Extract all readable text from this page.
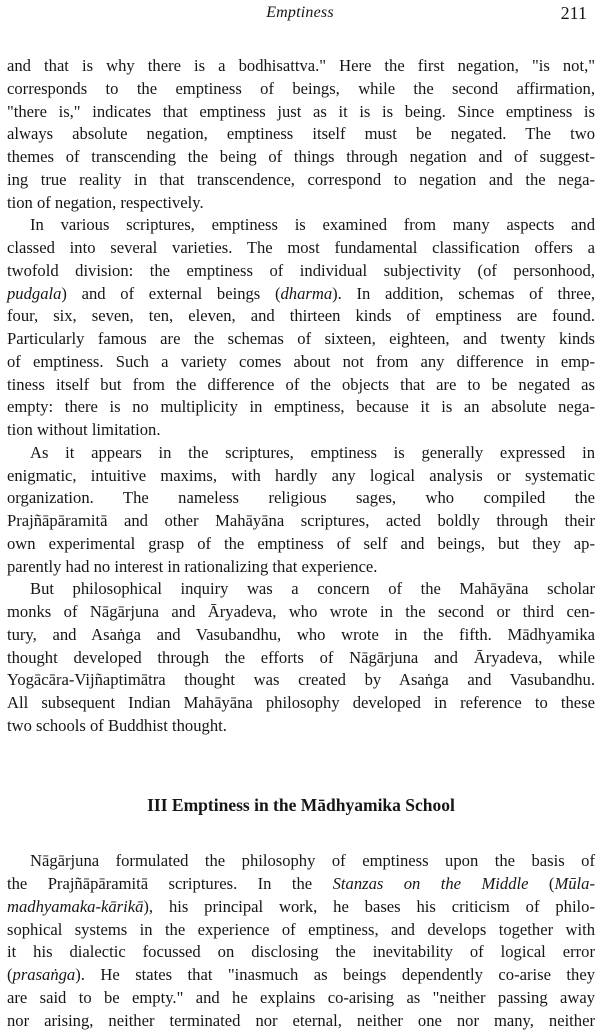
Emptiness	211
and that is why there is a bodhisattva." Here the first negation, "is not,"
corresponds to the emptiness of beings, while the second affirmation,
"there is," indicates that emptiness just as it is is being. Since emptiness is
always absolute negation, emptiness itself must be negated. The two
themes of transcending the being of things through negation and of suggest-
ing true reality in that transcendence, correspond to negation and the nega-
tion of negation, respectively.
In various scriptures, emptiness is examined from many aspects and
classed into several varieties. The most fundamental classification offers a
twofold division: the emptiness of individual subjectivity (of personhood,
pudgala) and of external beings (dharma). In addition, schemas of three,
four, six, seven, ten, eleven, and thirteen kinds of emptiness are found.
Particularly famous are the schemas of sixteen, eighteen, and twenty kinds
of emptiness. Such a variety comes about not from any difference in emp-
tiness itself but from the difference of the objects that are to be negated as
empty: there is no multiplicity in emptiness, because it is an absolute nega-
tion without limitation.
As it appears in the scriptures, emptiness is generally expressed in
enigmatic, intuitive maxims, with hardly any logical analysis or systematic
organization. The nameless religious sages, who compiled the
Prajñāpāramitā and other Mahāyāna scriptures, acted boldly through their
own experimental grasp of the emptiness of self and beings, but they ap-
parently had no interest in rationalizing that experience.
But philosophical inquiry was a concern of the Mahāyāna scholar
monks of Nāgārjuna and Āryadeva, who wrote in the second or third cen-
tury, and Asaṅga and Vasubandhu, who wrote in the fifth. Mādhyamika
thought developed through the efforts of Nāgārjuna and Āryadeva, while
Yogācāra-Vijñaptimātra thought was created by Asaṅga and Vasubandhu.
All subsequent Indian Mahāyāna philosophy developed in reference to these
two schools of Buddhist thought.
III Emptiness in the Mādhyamika School
Nāgārjuna formulated the philosophy of emptiness upon the basis of
the Prajñāpāramitā scriptures. In the Stanzas on the Middle (Mūla-
madhyamaka-kārikā), his principal work, he bases his criticism of philo-
sophical systems in the experience of emptiness, and develops together with
it his dialectic focussed on disclosing the inevitability of logical error
(prasaṅga). He states that "inasmuch as beings dependently co-arise they
are said to be empty." and he explains co-arising as "neither passing away
nor arising, neither terminated nor eternal, neither one nor many, neither
